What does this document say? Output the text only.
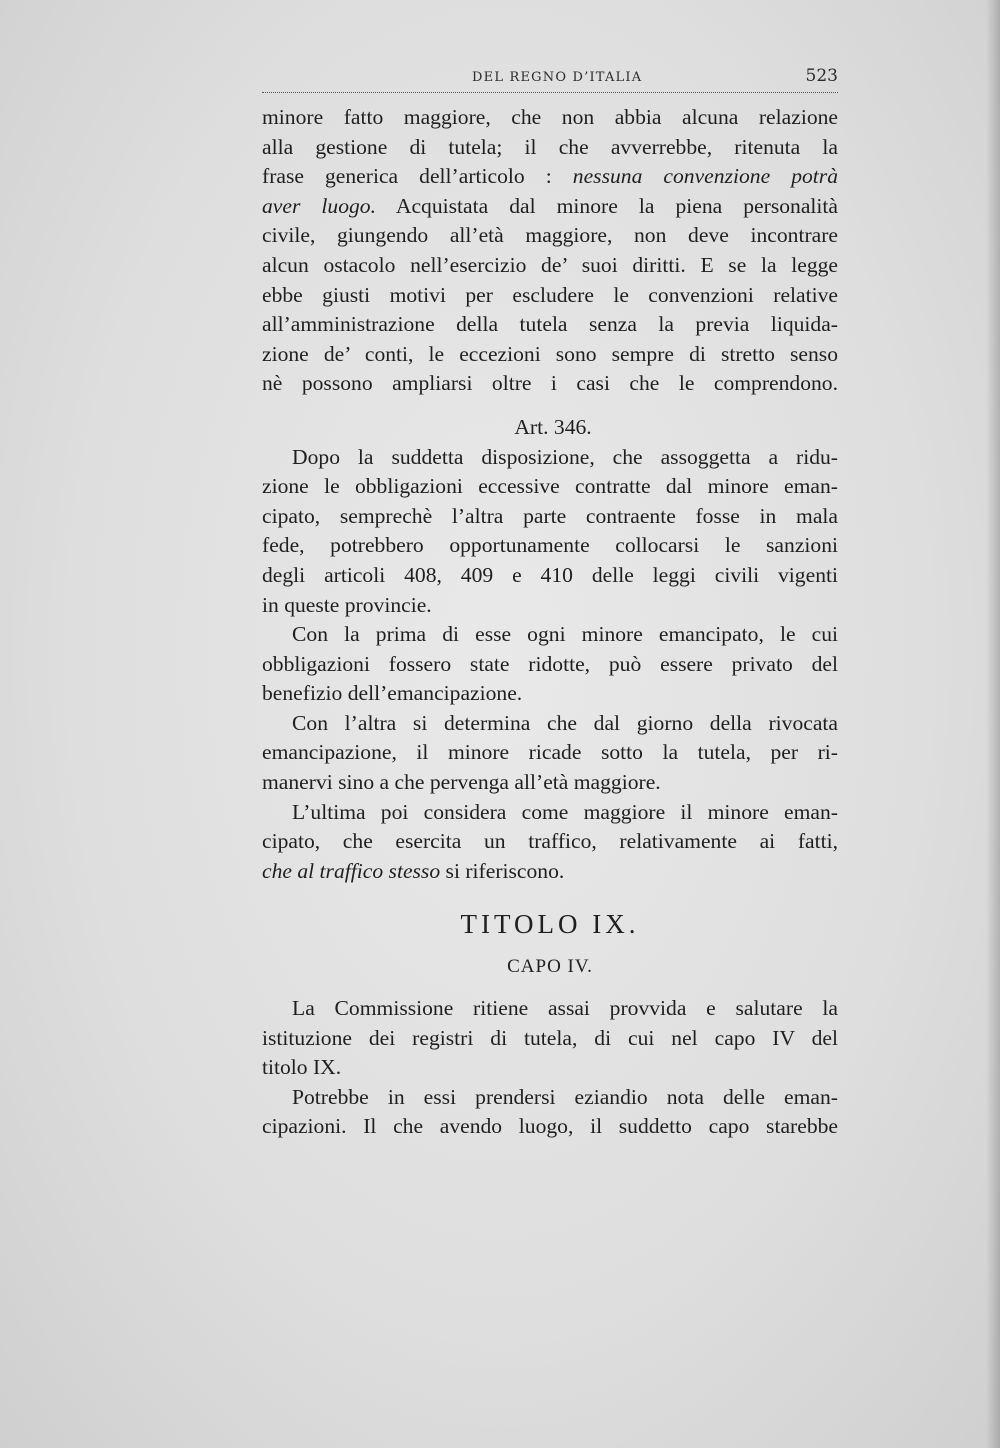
DEL REGNO D’ITALIA	523
minore fatto maggiore, che non abbia alcuna relazione
alla gestione di tutela; il che avverrebbe, ritenuta la
frase generica dell’articolo : nessuna convenzione potrà
aver luogo. Acquistata dal minore la piena personalità
civile, giungendo all’età maggiore, non deve incontrare
alcun ostacolo nell’esercizio de’ suoi diritti. E se la legge
ebbe giusti motivi per escludere le convenzioni relative
all’amministrazione della tutela senza la previa liquida-
zione de’ conti, le eccezioni sono sempre di stretto senso
nè possono ampliarsi oltre i casi che le comprendono.
Art. 346.
Dopo la suddetta disposizione, che assoggetta a ridu-
zione le obbligazioni eccessive contratte dal minore eman-
cipato, semprechè l’altra parte contraente fosse in mala
fede, potrebbero opportunamente collocarsi le sanzioni
degli articoli 408, 409 e 410 delle leggi civili vigenti
in queste provincie.
Con la prima di esse ogni minore emancipato, le cui
obbligazioni fossero state ridotte, può essere privato del
benefizio dell’emancipazione.
Con l’altra si determina che dal giorno della rivocata
emancipazione, il minore ricade sotto la tutela, per ri-
manervi sino a che pervenga all’età maggiore.
L’ultima poi considera come maggiore il minore eman-
cipato, che esercita un traffico, relativamente ai fatti,
che al traffico stesso si riferiscono.
TITOLO IX.
CAPO IV.
La Commissione ritiene assai provvida e salutare la
istituzione dei registri di tutela, di cui nel capo IV del
titolo IX.
Potrebbe in essi prendersi eziandio nota delle eman-
cipazioni. Il che avendo luogo, il suddetto capo starebbe
